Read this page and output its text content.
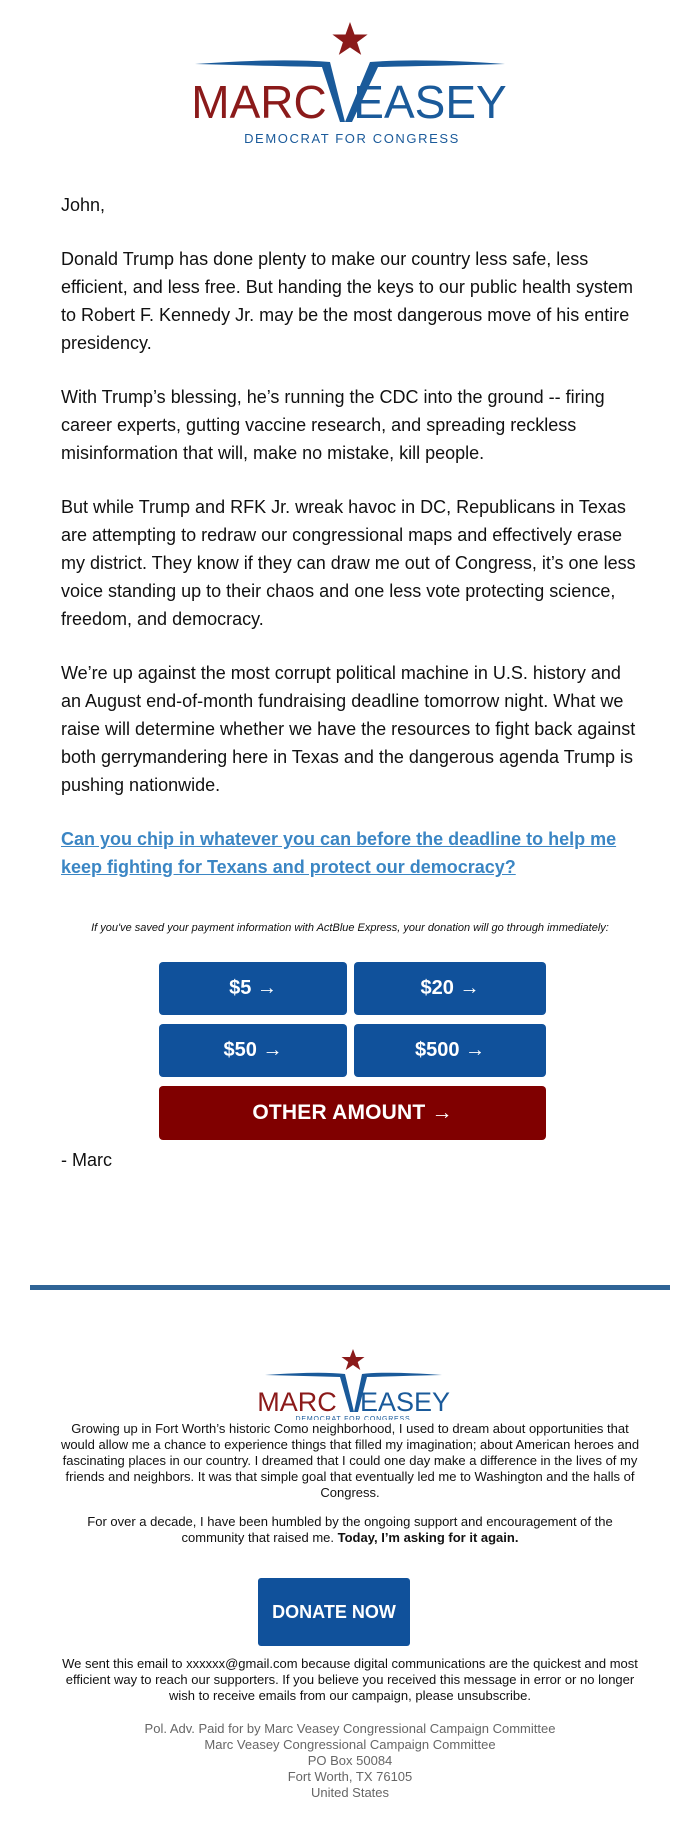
MARC EASEY
DEMOCRAT FOR CONGRESS

John,

Donald Trump has done plenty to make our country less safe, less efficient, and less free. But handing the keys to our public health system to Robert F. Kennedy Jr. may be the most dangerous move of his entire presidency.

With Trump’s blessing, he’s running the CDC into the ground -- firing career experts, gutting vaccine research, and spreading reckless misinformation that will, make no mistake, kill people.

But while Trump and RFK Jr. wreak havoc in DC, Republicans in Texas are attempting to redraw our congressional maps and effectively erase my district. They know if they can draw me out of Congress, it’s one less voice standing up to their chaos and one less vote protecting science, freedom, and democracy.

We’re up against the most corrupt political machine in U.S. history and an August end-of-month fundraising deadline tomorrow night. What we raise will determine whether we have the resources to fight back against both gerrymandering here in Texas and the dangerous agenda Trump is pushing nationwide.

Can you chip in whatever you can before the deadline to help me keep fighting for Texans and protect our democracy?

If you've saved your payment information with ActBlue Express, your donation will go through immediately:
$5 →	$20 →
$50 →	$500 →
OTHER AMOUNT →
- Marc
MARC EASEY
DEMOCRAT FOR CONGRESS
Growing up in Fort Worth’s historic Como neighborhood, I used to dream about opportunities that would allow me a chance to experience things that filled my imagination; about American heroes and fascinating places in our country. I dreamed that I could one day make a difference in the lives of my friends and neighbors. It was that simple goal that eventually led me to Washington and the halls of Congress.
For over a decade, I have been humbled by the ongoing support and encouragement of the community that raised me. Today, I’m asking for it again.
DONATE NOW
We sent this email to xxxxxx@gmail.com because digital communications are the quickest and most efficient way to reach our supporters. If you believe you received this message in error or no longer wish to receive emails from our campaign, please unsubscribe.
Pol. Adv. Paid for by Marc Veasey Congressional Campaign Committee
Marc Veasey Congressional Campaign Committee
PO Box 50084
Fort Worth, TX 76105
United States
